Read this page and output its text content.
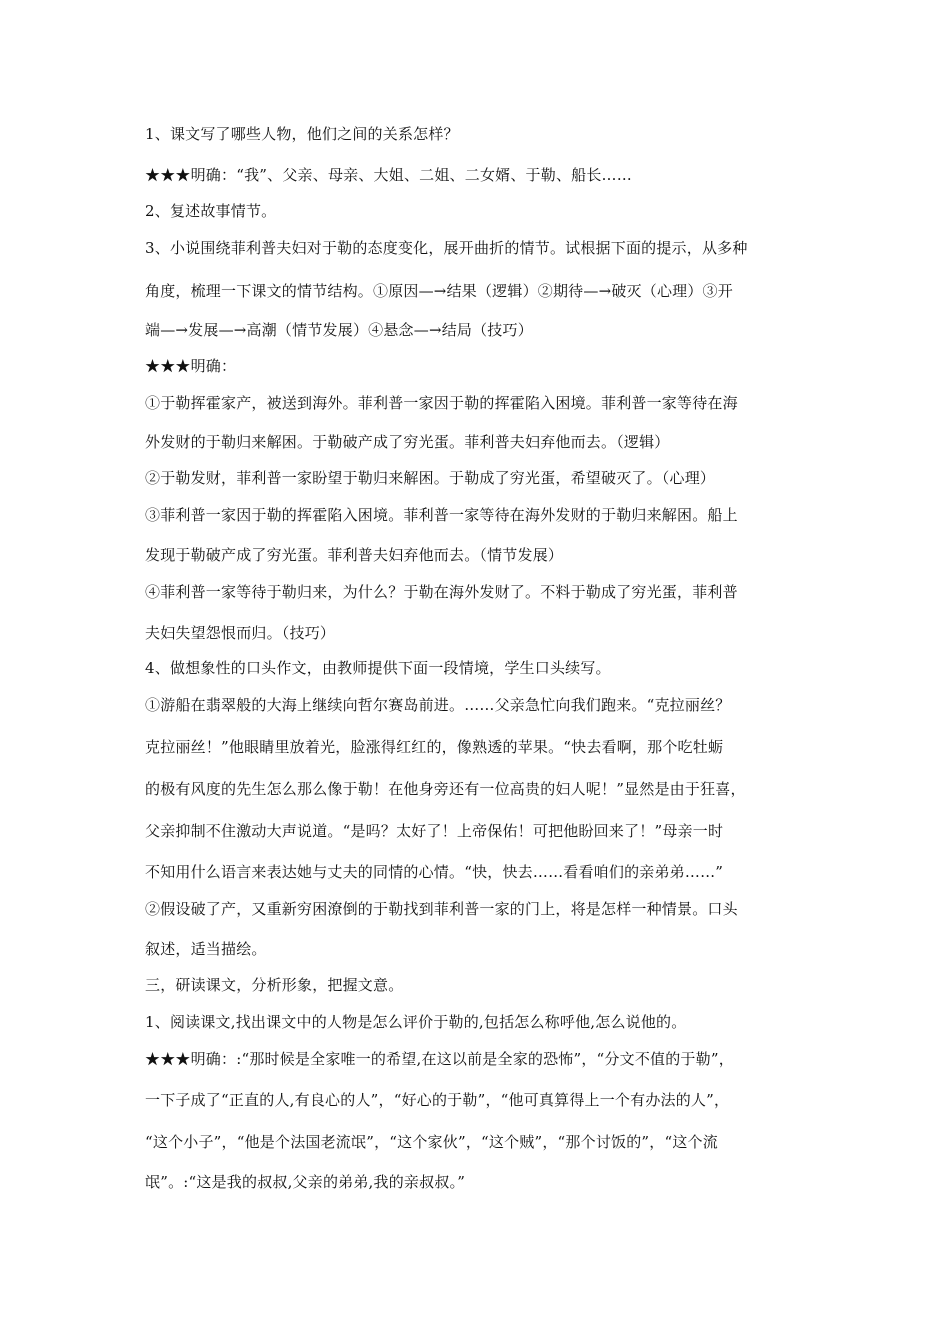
1、课文写了哪些人物，他们之间的关系怎样？
★★★明确：“我”、父亲、母亲、大姐、二姐、二女婿、于勒、船长……
2、复述故事情节。
3、小说围绕菲利普夫妇对于勒的态度变化，展开曲折的情节。试根据下面的提示，从多种
角度，梳理一下课文的情节结构。①原因—→结果（逻辑）②期待—→破灭（心理）③开
端—→发展—→高潮（情节发展）④悬念—→结局（技巧）
★★★明确：
①于勒挥霍家产，被送到海外。菲利普一家因于勒的挥霍陷入困境。菲利普一家等待在海
外发财的于勒归来解困。于勒破产成了穷光蛋。菲利普夫妇弃他而去。（逻辑）
②于勒发财，菲利普一家盼望于勒归来解困。于勒成了穷光蛋，希望破灭了。（心理）
③菲利普一家因于勒的挥霍陷入困境。菲利普一家等待在海外发财的于勒归来解困。船上
发现于勒破产成了穷光蛋。菲利普夫妇弃他而去。（情节发展）
④菲利普一家等待于勒归来，为什么？于勒在海外发财了。不料于勒成了穷光蛋，菲利普
夫妇失望怨恨而归。（技巧）
4、做想象性的口头作文，由教师提供下面一段情境，学生口头续写。
①游船在翡翠般的大海上继续向哲尔赛岛前进。……父亲急忙向我们跑来。“克拉丽丝？
克拉丽丝！”他眼睛里放着光，脸涨得红红的，像熟透的苹果。“快去看啊，那个吃牡蛎
的极有风度的先生怎么那么像于勒！在他身旁还有一位高贵的妇人呢！”显然是由于狂喜，
父亲抑制不住激动大声说道。“是吗？太好了！上帝保佑！可把他盼回来了！”母亲一时
不知用什么语言来表达她与丈夫的同情的心情。“快，快去……看看咱们的亲弟弟……”
②假设破了产，又重新穷困潦倒的于勒找到菲利普一家的门上，将是怎样一种情景。口头
叙述，适当描绘。
三，研读课文，分析形象，把握文意。
1、阅读课文,找出课文中的人物是怎么评价于勒的,包括怎么称呼他,怎么说他的。
★★★明确：:“那时候是全家唯一的希望,在这以前是全家的恐怖”，“分文不值的于勒”，
一下子成了“正直的人,有良心的人”，“好心的于勒”，“他可真算得上一个有办法的人”，
“这个小子”，“他是个法国老流氓”，“这个家伙”，“这个贼”，“那个讨饭的”，“这个流
氓”。:“这是我的叔叔,父亲的弟弟,我的亲叔叔。”
